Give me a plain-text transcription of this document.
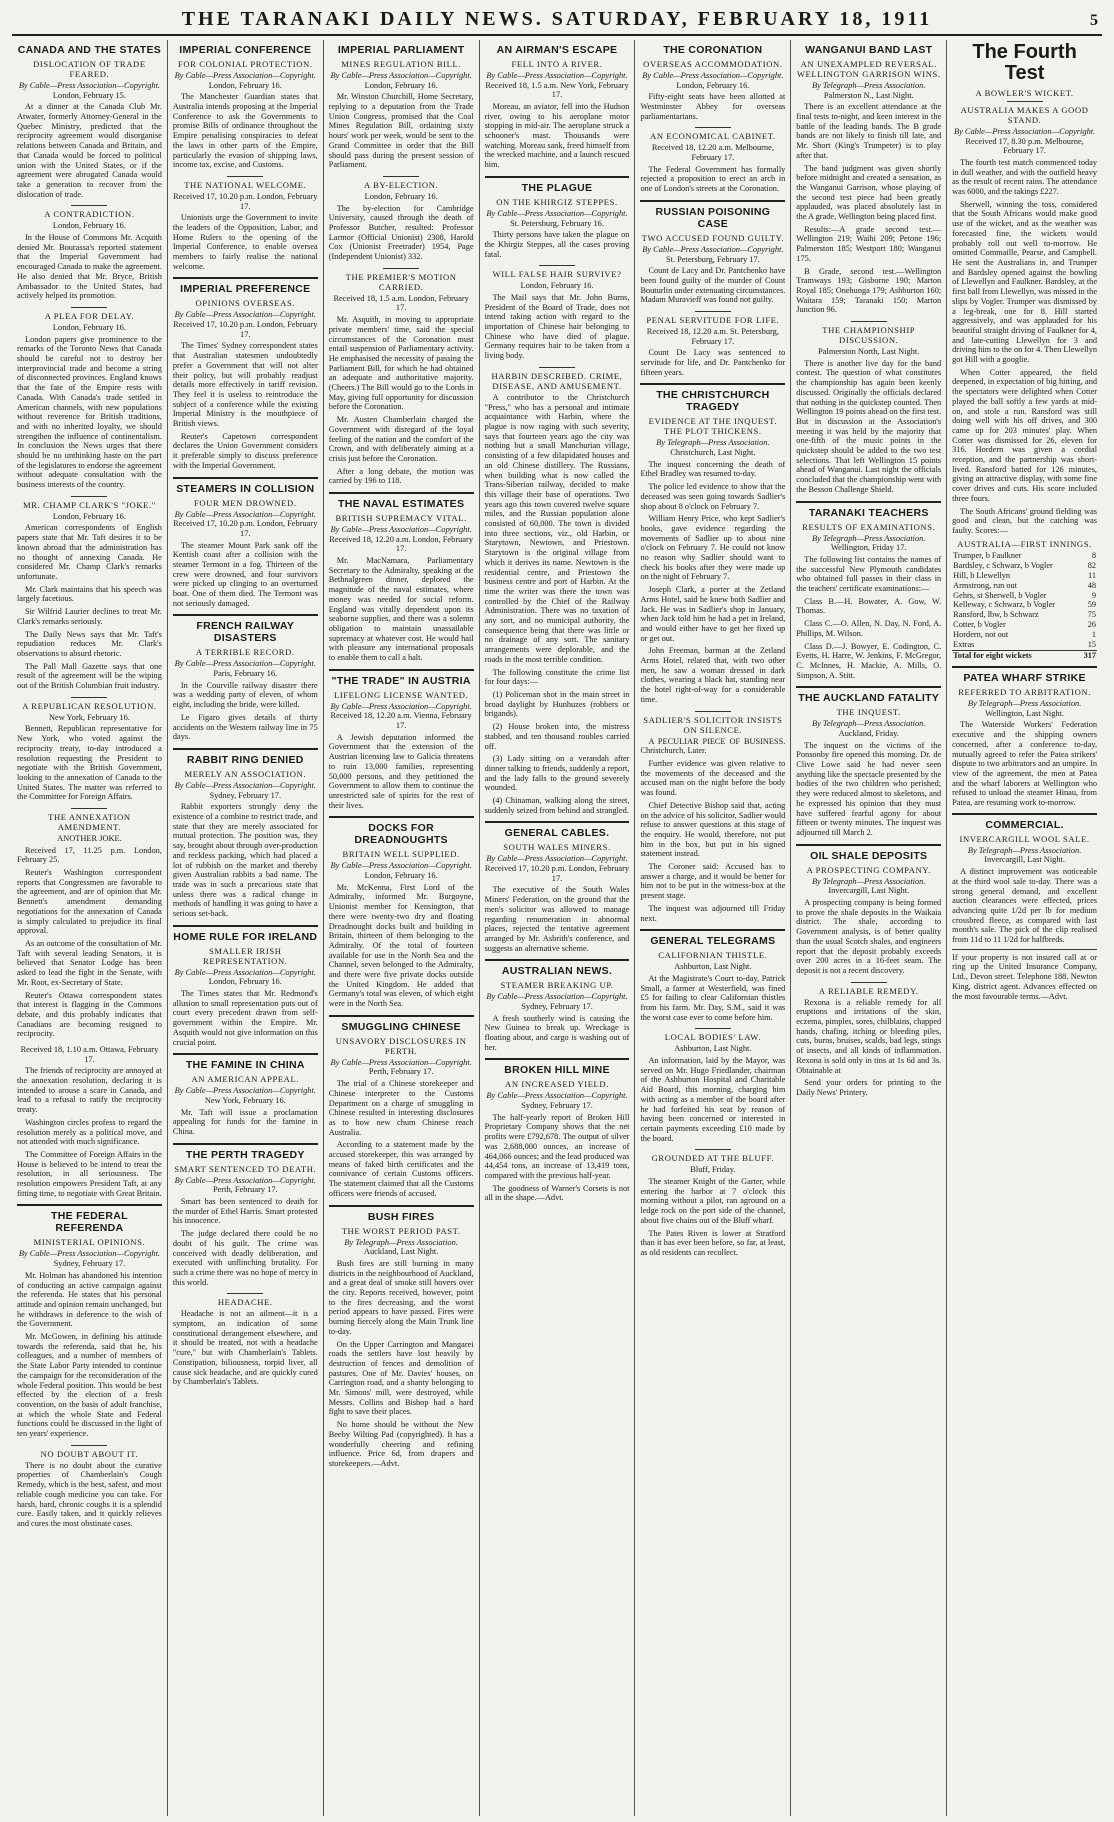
THE TARANAKI DAILY NEWS. SATURDAY, FEBRUARY 18, 1911	5
CANADA AND THE STATES
DISLOCATION OF TRADE FEARED.
By Cable—Press Association—Copyright.
London, February 15.

At a dinner at the Canada Club Mr. Atwater, formerly Attorney-General in the Quebec Ministry, predicted that the reciprocity agreement would disorganise relations between Canada and Britain, and that Canada would be forced to political union with the United States, or if the agreement were abrogated Canada would take a generation to recover from the dislocation of trade.

A CONTRADICTION.
London, February 16.

In the House of Commons Mr. Acquith denied Mr. Bourassa's reported statement that the Imperial Government had encouraged Canada to make the agreement. He also denied that Mr. Bryce, British Ambassador to the United States, had actively helped its promotion.

A PLEA FOR DELAY.
London, February 16.

London papers give prominence to the remarks of the Toronto News that Canada should be careful not to destroy her interprovincial trade and become a string of disconnected provinces. England knows that the fate of the Empire rests with Canada. With Canada's trade settled in American channels, with new populations without reverence for British traditions, and with no inherited loyalty, we should strengthen the influence of continentalism. In conclusion the News urges that there should be no unthinking haste on the part of the legislatures to endorse the agreement without adequate consultation with the business interests of the country.

MR. CHAMP CLARK'S "JOKE."
London, February 16.

American correspondents of English papers state that Mr. Taft desires it to be known abroad that the administration has no thought of annexing Canada. He considered Mr. Champ Clark's remarks unfortunate.

Mr. Clark maintains that his speech was largely facetious.

Sir Wilfrid Laurier declines to treat Mr. Clark's remarks seriously.

The Daily News says that Mr. Taft's repudiation reduces Mr. Clark's observations to absurd rhetoric.

The Pall Mall Gazette says that one result of the agreement will be the wiping out of the British Columbian fruit industry.

A REPUBLICAN RESOLUTION.
New York, February 16.

Bennett, Republican representative for New York, who voted against the reciprocity treaty, to-day introduced a resolution requesting the President to negotiate with the British Government, looking to the annexation of Canada to the United States. The matter was referred to the Committee for Foreign Affairs.

THE ANNEXATION AMENDMENT.
ANOTHER JOKE.

Received 17, 11.25 p.m. London, February 25.

Reuter's Washington correspondent reports that Congressmen are favorable to the agreement, and are of opinion that Mr. Bennett's amendment demanding negotiations for the annexation of Canada is simply calculated to prejudice its final approval.

As an outcome of the consultation of Mr. Taft with several leading Senators, it is believed that Senator Lodge has been asked to lead the fight in the Senate, with Mr. Root, ex-Secretary of State.

Reuter's Ottawa correspondent states that interest is flagging in the Commons debate, and this probably indicates that Canadians are becoming resigned to reciprocity.

Received 18, 1.10 a.m. Ottawa, February 17.

The friends of reciprocity are annoyed at the annexation resolution, declaring it is intended to arouse a scare in Canada, and lead to a refusal to ratify the reciprocity treaty.

Washington circles profess to regard the resolution merely as a political move, and not attended with much significance.

The Committee of Foreign Affairs in the House is believed to be intend to treat the resolution, in all seriousness. The resolution empowers President Taft, at any fitting time, to negotiate with Great Britain.

THE FEDERAL REFERENDA
MINISTERIAL OPINIONS.
By Cable—Press Association—Copyright.
Sydney, February 17.

Mr. Holman has abandoned his intention of conducting an active campaign against the referenda. He states that his personal attitude and opinion remain unchanged, but he withdraws in deference to the wish of the Government.

Mr. McGowen, in defining his attitude towards the referenda, said that he, his colleagues, and a number of members of the State Labor Party intended to continue the campaign for the reconsideration of the whole Federal position. This would be best effected by the election of a fresh convention, on the basis of adult franchise, at which the whole State and Federal functions could be discussed in the light of ten years' experience.

NO DOUBT ABOUT IT.

There is no doubt about the curative properties of Chamberlain's Cough Remedy, which is the best, safest, and most reliable cough medicine you can take. For harsh, hard, chronic coughs it is a splendid cure. Easily taken, and it quickly relieves and cures the most obstinate cases.

IMPERIAL CONFERENCE
FOR COLONIAL PROTECTION.
By Cable—Press Association—Copyright.
London, February 16.

The Manchester Guardian states that Australia intends proposing at the Imperial Conference to ask the Governments to promise Bills of ordinance throughout the Empire penalising conspiracies to defeat the laws in other parts of the Empire, particularly the evasion of shipping laws, income tax, excise, and Customs.

THE NATIONAL WELCOME.
Received 17, 10.20 p.m. London, February 17.

Unionists urge the Government to invite the leaders of the Opposition, Labor, and Home Rulers to the opening of the Imperial Conference, to enable oversea members to fairly realise the national welcome.

IMPERIAL PREFERENCE
OPINIONS OVERSEAS.
By Cable—Press Association—Copyright.
Received 17, 10.20 p.m. London, February 17.

The Times' Sydney correspondent states that Australian statesmen undoubtedly prefer a Government that will not alter their policy, but will probably readjust details more effectively in tariff revision. They feel it is useless to reintroduce the subject of a conference while the existing Imperial Ministry is the mouthpiece of British views.

Reuter's Capetown correspondent declares the Union Government considers it preferable simply to discuss preference with the Imperial Government.

STEAMERS IN COLLISION
FOUR MEN DROWNED.
By Cable—Press Association—Copyright.
Received 17, 10.20 p.m. London, February 17.

The steamer Mount Park sank off the Kentish coast after a collision with the steamer Termont in a fog. Thirteen of the crew were drowned, and four survivors were picked up clinging to an overturned boat. One of them died. The Termont was not seriously damaged.

FRENCH RAILWAY DISASTERS
A TERRIBLE RECORD.
By Cable—Press Association—Copyright.
Paris, February 16.

In the Courville railway disaster there was a wedding party of eleven, of whom eight, including the bride, were killed.

Le Figaro gives details of thirty accidents on the Western railway line in 75 days.

RABBIT RING DENIED
MERELY AN ASSOCIATION.
By Cable—Press Association—Copyright.
Sydney, February 17.

Rabbit exporters strongly deny the existence of a combine to restrict trade, and state that they are merely associated for mutual protection. The position was, they say, brought about through over-production and reckless packing, which had placed a lot of rubbish on the market and thereby given Australian rabbits a bad name. The trade was in such a precarious state that unless there was a radical change in methods of handling it was going to have a serious set-back.

HOME RULE FOR IRELAND
SMALLER IRISH REPRESENTATION.
By Cable—Press Association—Copyright.
London, February 16.

The Times states that Mr. Redmond's allusion to small representation puts out of court every precedent drawn from self-government within the Empire. Mr. Asquith would not give information on this crucial point.

THE FAMINE IN CHINA
AN AMERICAN APPEAL.
By Cable—Press Association—Copyright.
New York, February 16.

Mr. Taft will issue a proclamation appealing for funds for the famine in China.

THE PERTH TRAGEDY
SMART SENTENCED TO DEATH.
By Cable—Press Association—Copyright.
Perth, February 17.

Smart has been sentenced to death for the murder of Ethel Harris. Smart protested his innocence.

The judge declared there could be no doubt of his guilt. The crime was conceived with deadly deliberation, and executed with unflinching brutality. For such a crime there was no hope of mercy in this world.

HEADACHE.

Headache is not an ailment—it is a symptom, an indication of some constitutional derangement elsewhere, and it should be treated, not with a headache "cure," but with Chamberlain's Tablets. Constipation, biliousness, torpid liver, all cause sick headache, and are quickly cured by Chamberlain's Tablets.

IMPERIAL PARLIAMENT
MINES REGULATION BILL.
By Cable—Press Association—Copyright.
London, February 16.

Mr. Winston Churchill, Home Secretary, replying to a deputation from the Trade Union Congress, promised that the Coal Mines Regulation Bill, ordaining sixty hours' work per week, would be sent to the Grand Committee in order that the Bill should pass during the present session of Parliament.

A BY-ELECTION.
London, February 16.

The by-election for Cambridge University, caused through the death of Professor Butcher, resulted: Professor Larmor (Official Unionist) 2308, Harold Cox (Unionist Freetrader) 1954, Page (Independent Unionist) 332.

THE PREMIER'S MOTION CARRIED.
Received 18, 1.5 a.m. London, February 17.

Mr. Asquith, in moving to appropriate private members' time, said the special circumstances of the Coronation must entail suspension of Parliamentary activity. He emphasised the necessity of passing the Parliament Bill, for which he had obtained an adequate and authoritative majority. (Cheers.) The Bill would go to the Lords in May, giving full opportunity for discussion before the Coronation.

Mr. Austen Chamberlain charged the Government with disregard of the loyal feeling of the nation and the comfort of the Crown, and with deliberately aiming at a crisis just before the Coronation.

After a long debate, the motion was carried by 196 to 118.

THE NAVAL ESTIMATES
BRITISH SUPREMACY VITAL.
By Cable—Press Association—Copyright.
Received 18, 12.20 a.m. London, February 17.

Mr. MacNamara, Parliamentary Secretary to the Admiralty, speaking at the Bethnalgreen dinner, deplored the magnitude of the naval estimates, where money was needed for social reform. England was vitally dependent upon its seaborne supplies, and there was a solemn obligation to maintain unassailable supremacy at whatever cost. He would hail with pleasure any international proposals to enable them to call a halt.

"THE TRADE" IN AUSTRIA
LIFELONG LICENSE WANTED.
By Cable—Press Association—Copyright.
Received 18, 12.20 a.m. Vienna, February 17.

A Jewish deputation informed the Government that the extension of the Austrian licensing law to Galicia threatens to ruin 13,000 families, representing 50,000 persons, and they petitioned the Government to allow them to continue the unrestricted sale of spirits for the rest of their lives.

DOCKS FOR DREADNOUGHTS
BRITAIN WELL SUPPLIED.
By Cable—Press Association—Copyright.
London, February 16.

Mr. McKenna, First Lord of the Admiralty, informed Mr. Burgoyne, Unionist member for Kensington, that there were twenty-two dry and floating Dreadnought docks built and building in Britain, thirteen of them belonging to the Admiralty. Of the total of fourteen available for use in the North Sea and the Channel, seven belonged to the Admiralty, and there were five private docks outside the United Kingdom. He added that Germany's total was eleven, of which eight were in the North Sea.

SMUGGLING CHINESE
UNSAVORY DISCLOSURES IN PERTH.
By Cable—Press Association—Copyright.
Perth, February 17.

The trial of a Chinese storekeeper and Chinese interpreter to the Customs Department on a charge of smuggling in Chinese resulted in interesting disclosures as to how new chum Chinese reach Australia.

According to a statement made by the accused storekeeper, this was arranged by means of faked birth certificates and the connivance of certain Customs officers. The statement claimed that all the Customs officers were friends of accused.

BUSH FIRES
THE WORST PERIOD PAST.
By Telegraph—Press Association.
Auckland, Last Night.

Bush fires are still burning in many districts in the neighbourhood of Auckland, and a great deal of smoke still hovers over the city. Reports received, however, point to the fires decreasing, and the worst period appears to have passed. Fires were burning fiercely along the Main Trunk line to-day.

On the Upper Carrington and Mangarei roads the settlers have lost heavily by destruction of fences and demolition of pastures. One of Mr. Davies' houses, on Carrington road, and a shanty belonging to Mr. Simons' mill, were destroyed, while Messrs. Collins and Bishop had a hard fight to save their places.

No home should be without the New Beeby Wilting Pad (copyrighted). It has a wonderfully cheering and refining influence. Price 6d, from drapers and storekeepers.—Advt.

AN AIRMAN'S ESCAPE
FELL INTO A RIVER.
By Cable—Press Association—Copyright.
Received 18, 1.5 a.m. New York, February 17.

Moreau, an aviator, fell into the Hudson river, owing to his aeroplane motor stopping in mid-air. The aeroplane struck a schooner's mast. Thousands were watching. Moreau sank, freed himself from the wrecked machine, and a launch rescued him.

THE PLAGUE
ON THE KHIRGIZ STEPPES.
By Cable—Press Association—Copyright.
St. Petersburg, February 16.

Thirty persons have taken the plague on the Khirgiz Steppes, all the cases proving fatal.

WILL FALSE HAIR SURVIVE?
London, February 16.

The Mail says that Mr. John Burns, President of the Board of Trade, does not intend taking action with regard to the importation of Chinese hair belonging to Chinese who have died of plague. Germany requires hair to be taken from a living body.

HARBIN DESCRIBED. CRIME, DISEASE, AND AMUSEMENT.

A contributor to the Christchurch "Press," who has a personal and intimate acquaintance with Harbin, where the plague is now raging with such severity, says that fourteen years ago the city was nothing but a small Manchurian village, consisting of a few dilapidated houses and an old Chinese distillery. The Russians, when building what is now called the Trans-Siberian railway, decided to make this village their base of operations. Two years ago this town covered twelve square miles, and the Russian population alone consisted of 60,000. The town is divided into three sections, viz., old Harbin, or Starytown, Newtown, and Priestown. Starytown is the original village from which it derives its name. Newtown is the residential centre, and Priestown the business centre and port of Harbin. At the time the writer was there the town was controlled by the Chief of the Railway Administration. There was no taxation of any sort, and no municipal authority, the consequence being that there was little or no drainage of any sort. The sanitary arrangements were deplorable, and the roads in the most terrible condition.

The following constitute the crime list for four days:—

(1) Policeman shot in the main street in broad daylight by Hunhuzes (robbers or brigands).

(2) House broken into, the mistress stabbed, and ten thousand roubles carried off.

(3) Lady sitting on a verandah after dinner talking to friends, suddenly a report, and the lady falls to the ground severely wounded.

(4) Chinaman, walking along the street, suddenly seized from behind and strangled.

GENERAL CABLES.
SOUTH WALES MINERS.
By Cable—Press Association—Copyright.
Received 17, 10.20 p.m. London, February 17.

The executive of the South Wales Miners' Federation, on the ground that the men's solicitor was allowed to manage regarding renumeration in abnormal places, rejected the tentative agreement arranged by Mr. Asbrith's conference, and suggests an alternative scheme.

AUSTRALIAN NEWS.
STEAMER BREAKING UP.
By Cable—Press Association—Copyright.
Sydney, February 17.

A fresh southerly wind is causing the New Guinea to break up. Wreckage is floating about, and cargo is washing out of her.

BROKEN HILL MINE
AN INCREASED YIELD.
By Cable—Press Association—Copyright.
Sydney, February 17.

The half-yearly report of Broken Hill Proprietary Company shows that the net profits were £792,678. The output of silver was 2,688,000 ounces, an increase of 464,066 ounces; and the lead produced was 44,454 tons, an increase of 13,419 tons, compared with the previous half-year.

The goodness of Warner's Corsets is not all in the shape.—Advt.

THE CORONATION
OVERSEAS ACCOMMODATION.
By Cable—Press Association—Copyright.
London, February 16.

Fifty-eight seats have been allotted at Westminster Abbey for overseas parliamentarians.

AN ECONOMICAL CABINET.
Received 18, 12.20 a.m. Melbourne, February 17.

The Federal Government has formally rejected a proposition to erect an arch in one of London's streets at the Coronation.

RUSSIAN POISONING CASE
TWO ACCUSED FOUND GUILTY.
By Cable—Press Association—Copyright.
St. Petersburg, February 17.

Count de Lacy and Dr. Pantchenko have been found guilty of the murder of Count Bouturlin under extenuating circumstances. Madam Muravieff was found not guilty.

PENAL SERVITUDE FOR LIFE.
Received 18, 12.20 a.m. St. Petersburg, February 17.

Count De Lacy was sentenced to servitude for life, and Dr. Pantchenko for fifteen years.

THE CHRISTCHURCH TRAGEDY
EVIDENCE AT THE INQUEST. THE PLOT THICKENS.
By Telegraph—Press Association.
Christchurch, Last Night.

The inquest concerning the death of Ethel Bradley was resumed to-day.

The police led evidence to show that the deceased was seen going towards Sadlier's shop about 8 o'clock on February 7.

William Henry Price, who kept Sadlier's books, gave evidence regarding the movements of Sadlier up to about nine o'clock on February 7. He could not know no reason why Sadlier should want to check his books after they were made up on the night of February 7.

Joseph Clark, a porter at the Zetland Arms Hotel, said he knew both Sadlier and Jack. He was in Sadlier's shop in January, when Jack told him he had a pet in Ireland, and would either have to get her fixed up or get out.

John Freeman, barman at the Zetland Arms Hotel, related that, with two other men, he saw a woman dressed in dark clothes, wearing a black hat, standing near the hotel right-of-way for a considerable time.

SADLIER'S SOLICITOR INSISTS ON SILENCE.

A PECULIAR PIECE OF BUSINESS. Christchurch, Later.

Further evidence was given relative to the movements of the deceased and the accused man on the night before the body was found.

Chief Detective Bishop said that, acting on the advice of his solicitor, Sadlier would refuse to answer questions at this stage of the enquiry. He would, therefore, not put him in the box, but put in his signed statement instead.

The Coroner said: Accused has to answer a charge, and it would be better for him not to be put in the witness-box at the present stage.

The inquest was adjourned till Friday next.

GENERAL TELEGRAMS
CALIFORNIAN THISTLE.
Ashburton, Last Night.

At the Magistrate's Court to-day, Patrick Small, a farmer at Westerfield, was fined £5 for failing to clear Californian thistles from his farm. Mr. Day, S.M., said it was the worst case ever to come before him.

LOCAL BODIES' LAW.
Ashburton, Last Night.

An information, laid by the Mayor, was served on Mr. Hugo Friedlander, chairman of the Ashburton Hospital and Charitable Aid Board, this morning, charging him with acting as a member of the board after he had forfeited his seat by reason of having been concerned or interested in certain payments exceeding £10 made by the board.

GROUNDED AT THE BLUFF.
Bluff, Friday.

The steamer Knight of the Garter, while entering the harbor at 7 o'clock this morning without a pilot, ran aground on a ledge rock on the port side of the channel, about five chains out of the Bluff wharf.

The Pates Riven is lower at Stratford than it has ever been before, so far, at least, as old residents can recollect.

WANGANUI BAND LAST
AN UNEXAMPLED REVERSAL. WELLINGTON GARRISON WINS.
By Telegraph—Press Association.
Palmerston N., Last Night.

There is an excellent attendance at the final tests to-night, and keen interest in the battle of the leading bands. The B grade bands are not likely to finish till late, and Mr. Short (King's Trumpeter) is to play after that.

The band judgment was given shortly before midnight and created a sensation, as the Wanganui Garrison, whose playing of the second test piece had been greatly applauded, was placed absolutely last in the A grade, Wellington being placed first.

Results:—A grade second test.—Wellington 219; Waihi 209; Petone 196; Palmerston 185; Westport 180; Wanganui 175.

B Grade, second test.—Wellington Tramways 193; Gisborne 190; Marton Royal 185; Onehunga 179; Ashburton 160; Waitara 159; Taranaki 150; Marton Junction 96.

THE CHAMPIONSHIP DISCUSSION.
Palmerston North, Last Night.

There is another live day for the band contest. The question of what constitutes the championship has again been keenly discussed. Originally the officials declared that nothing in the quickstep counted. Then Wellington 19 points ahead on the first test. But in discussion at the Association's meeting it was held by the majority that one-fifth of the music points in the quickstep should be added to the two test selections. That left Wellington 15 points ahead of Wanganui. Last night the officials concluded that the championship went with the Besson Challenge Shield.

TARANAKI TEACHERS
RESULTS OF EXAMINATIONS.
By Telegraph—Press Association.
Wellington, Friday 17.

The following list contains the names of the successful New Plymouth candidates who obtained full passes in their class in the teachers' certificate examinations:—

Class B.—H. Bowater, A. Gow, W. Thomas.

Class C.—O. Allen, N. Day, N. Ford, A. Phillips, M. Wilson.

Class D.—J. Bowyer, E. Codington, C. Evetts, H. Harre, W. Jenkins, F. McGregor, C. McInnes, H. Mackie, A. Mills, O. Simpson, A. Stitt.

THE AUCKLAND FATALITY
THE INQUEST.
By Telegraph—Press Association.
Auckland, Friday.

The inquest on the victims of the Ponsonby fire opened this morning. Dr. de Clive Lowe said he had never seen anything like the spectacle presented by the bodies of the two children who perished; they were reduced almost to skeletons, and he expressed his opinion that they must have suffered fearful agony for about fifteen or twenty minutes. The inquest was adjourned till March 2.

OIL SHALE DEPOSITS
A PROSPECTING COMPANY.
By Telegraph—Press Association.
Invercargill, Last Night.

A prospecting company is being formed to prove the shale deposits in the Waikaia district. The shale, according to Government analysis, is of better quality than the usual Scotch shales, and engineers report that the deposit probably exceeds over 200 acres in a 16-feet seam. The deposit is not a recent discovery.

A RELIABLE REMEDY.

Rexona is a reliable remedy for all eruptions and irritations of the skin, eczema, pimples, sores, chilblains, chapped hands, chafing, itching or bleeding piles, cuts, burns, bruises, scalds, bad legs, stings of insects, and all kinds of inflammation. Rexona is sold only in tins at 1s 6d and 3s. Obtainable at

Send your orders for printing to the Daily News' Printery.

The Fourth Test
A BOWLER'S WICKET.
AUSTRALIA MAKES A GOOD STAND.
By Cable—Press Association—Copyright.
Received 17, 8.30 p.m. Melbourne, February 17.

The fourth test match commenced today in dull weather, and with the outfield heavy as the result of recent rains. The attendance was 6000, and the takings £227.

Sherwell, winning the toss, considered that the South Africans would make good use of the wicket, and as the weather was forecasted fine, the wickets would probably roll out well to-morrow. He omitted Commaille, Pearse, and Campbell. He sent the Australians in, and Trumper and Bardsley opened against the bowling of Llewellyn and Faulkner. Bardsley, at the first ball from Llewellyn, was missed in the slips by Vogler. Trumper was dismissed by a leg-break, one for 8. Hill started aggressively, and was applauded for his beautiful straight driving of Faulkner for 4, and late-cutting Llewellyn for 3 and driving him to the on for 4. Then Llewellyn got Hill with a googlie.

When Cotter appeared, the field deepened, in expectation of big hitting, and the spectators were delighted when Cotter played the ball softly a few yards at mid-on, and stole a run. Ransford was still doing well with his off drives, and 300 came up for 203 minutes' play. When Cotter was dismissed for 26, eleven for 316. Hordern was given a cordial reception, and the partnership was short-lived. Ransford batted for 126 minutes, giving an attractive display, with some fine cover drives and cuts. His score included three fours.

The South Africans' ground fielding was good and clean, but the catching was faulty. Scores:—

AUSTRALIA—FIRST INNINGS.
Trumper, b Faulkner	8
Bardsley, c Schwarz, b Vogler	82
Hill, b Llewellyn	11
Armstrong, run out	48
Gehrs, st Sherwell, b Vogler	9
Kelleway, c Schwarz, b Vogler	59
Ransford, lbw, b Schwarz	75
Cotter, b Vogler	26
Hordern, not out	1
Extras	15
Total for eight wickets	317
PATEA WHARF STRIKE
REFERRED TO ARBITRATION.
By Telegraph—Press Association.
Wellington, Last Night.

The Waterside Workers' Federation executive and the shipping owners concerned, after a conference to-day, mutually agreed to refer the Patea strikers' dispute to two arbitrators and an umpire. In view of the agreement, the men at Patea and the wharf laborers at Wellington who refused to unload the steamer Hinau, from Patea, are resuming work to-morrow.

COMMERCIAL.
INVERCARGILL WOOL SALE.
By Telegraph—Press Association.
Invercargill, Last Night.

A distinct improvement was noticeable at the third wool sale to-day. There was a strong general demand, and excellent auction clearances were effected, prices advancing quite 1/2d per lb for medium crossbred fleece, as compared with last month's sale. The pick of the clip realised from 11d to 11 1/2d for halfbreds.

If your property is not insured call at or ring up the United Insurance Company, Ltd., Devon street. Telephone 188. Newton King, district agent. Advances effected on the most favourable terms.—Advt.
